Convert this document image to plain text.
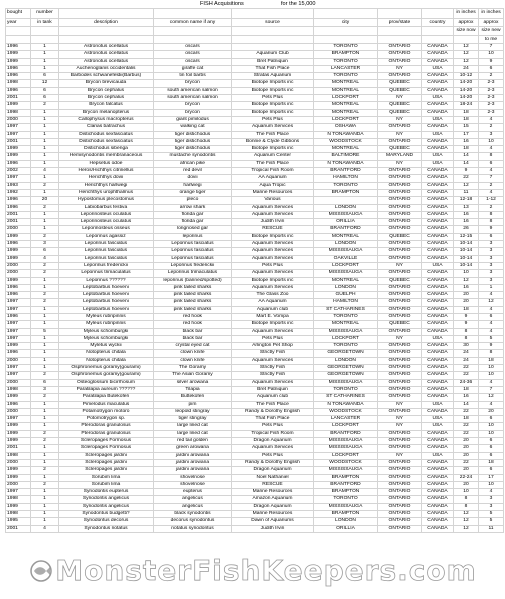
FISH Acquisitions	for the 15,000
bought	number							in inches	in inches
year	in tank	description	common name if any	source	city	prov/state	country	approx	approx
								size now	size new
									to me
1996	1	Astronotus ocellatus	oscars		TORONTO	ONTARIO	CANADA	12	7
1999	1	Astronotus ocellatus	oscars	Aquarium Club	BRAMPTON	ONTARIO	CANADA	12	10
1999	1	Astronotus ocellatus	oscars	Bret Patniquin	TORONTO	ONTARIO	CANADA	12	9
1996	1	Auchenoglanis occidentalis	giraffe cat	That Fish Place	LANCASTER	NY	USA	24	6
1996	6	Barbodes schwanefeldii(Barbus)	tin foil barbs	Stratas Aquarium	TORONTO	ONTARIO	CANADA	10-12	2
1998	12	Brycon brevicauda	brycon	Biotope Imports inc	MONTREAL	QUEBEC	CANADA	14-20	2-3
1996	6	Brycon cephalus	south american salmon	Biotope Imports inc	MONTREAL	QUEBEC	CANADA	14-20	2-3
2001	6	Brycon cephalus	south american salmon	Pets Plus	LOCKPORT	NY	USA	14-20	2-3
1999	2	Brycon falcatus	brycon	Biotope Imports inc	MONTREAL	QUEBEC	CANADA	18-24	2-3
1998	1	Brycon melanopterus	brycon	Biotope Imports inc	MONTREAL	QUEBEC	CANADA	18	2-3
2000	1	Callophysus macropterus	giant pimilodus	Pets Plus	LOCKPORT	NY	USA	18	4
1997	1	Clarias batrachus	walking cat	Aquarium Services	OSHAWA	ONTARIO	CANADA	15	2
1997	1	Distichodus sexfasciatus	tiger distichodus	The Fish Place	N TONAWANDA	NY	USA	17	3
2001	1	Distichodus sexfasciatus	tiger distichodus	Bonnie & Clyde Gibbons	WOODSTOCK	ONTARIO	CANADA	16	10
1999	1	Distichodus sibenga	tiger distichodus	Biotope Imports inc	MONTREAL	QUEBEC	CANADA	18	4
1999	1	Hemisynodontis membranaceous	mustache synodontis	Aquarium Center	BALTIMORE	MARYLAND	USA	14	8
1996	1	Hepsetus odoe	african pike	The Fish Place	N TONAWANDA	NY	USA	14	6
2002	4	Heros/Hichthys citrinellus	red devil	Tropical Fish Room	BRANTFORD	ONTARIO	CANADA	9	4
1997	1	Herichthys dovii	dovii	AA Aquarium	HAMILTON	ONTARIO	CANADA	22	7
1993	2	Herichthys harlwegi	harlwegi	Aqua Tropic	TORONTO	ONTARIO	CANADA	12	2
1992	1	Herichthys urophthalmus	orange tiger	Marine Resources	BRAMPTON	ONTARIO	CANADA	11	4
1996	20	Hypostomus plecostomus	pleco	Various		ONTARIO	CANADA	12-18	1-12
1996	2	Labiobarbus festiva	arrow shark	Aquarium Services	LONDON	ONTARIO	CANADA	13	2
2001	1	Leporinosteus oculatus	florida gar	Aquarium Services	MISSISSAUGA	ONTARIO	CANADA	16	8
2001	1	Leporinosteus oculatus	florida gar	Judith Irvin	ORILLIA	ONTARIO	CANADA	16	8
2000	1	Leporinosteus osseus	longnosed gar	RESCUE	BRANTFORD	ONTARIO	CANADA	26	9
1999	2	Leporinus agassiz	leporinus	Biotope Imports inc	MONTREAL	QUEBEC	CANADA	12-15	6
1996	3	Leporinus fasciatus	Leporinus fasciatus	Aquarium Services	LONDON	ONTARIO	CANADA	10-14	3
1999	6	Leporinus fasciatus	Leporinus fasciatus	Aquarium Services	MISSISSAUGA	ONTARIO	CANADA	10-14	3
1999	4	Leporinus fasciatus	Leporinus fasciatus	Aquarium Services	OAKVILLE	ONTARIO	CANADA	10-14	3
2000	2	Leporinus frederickii	Leporinus frederickii	Pets Plus	LOCKPORT	NY	USA	10-14	3
2000	2	Leporinus trimaculatus	Leporinus trimaculatus	Aquarium Services	MISSISSAUGA	ONTARIO	CANADA	10	3
1999	1	Leporinus ??????	leporinus (banned/spotted)	Biotope Imports inc	MONTREAL	QUEBEC	CANADA	12	3
1996	1	Leptobarbus hoeveni	pink tailed sharks	Aquarium Services	LONDON	ONTARIO	CANADA	16	1
1996	2	Leptobarbus hoeveni	pink tailed sharks	The Glass Zoo	GUELPH	ONTARIO	CANADA	20	4
1997	2	Leptobarbus hoeveni	pink tailed sharks	AA Aquarium	HAMILTON	ONTARIO	CANADA	20	12
1997	1	Leptobarbus hoeveni	pink tailed sharks	Aquarium club	ST CATHARINES	ONTARIO	CANADA	18	4
1996	1	Myleus rubripinnis	red hook	Mart E. Vompa	TORONTO	ONTARIO	CANADA	9	6
1997	1	Myleus rubripinnis	red hook	Biotope Imports inc	MONTREAL	QUEBEC	CANADA	9	4
1997	5	Myleus schomburgki	black bar	Aquarium Services	MISSISSAUGA	ONTARIO	CANADA	8	4
1997	1	Myleus schomburgki	black bar	Pets Plus	LOCKPORT	NY	USA	8	5
1999	1	Myletus wyckii	crystal eyed cat	Arlington Pet Shop	TORONTO	ONTARIO	CANADA	30	9
1996	1	Notopterus chitala	clown knife	Strictly Fish	GEORGETOWN	ONTARIO	CANADA	24	8
2000	1	Notopterus chitala	clown knife	Aquarium Services	LONDON	ONTARIO	CANADA	24	18
1997	1	Osphronemus goramy(gourami)	The Goramy	Strictly Fish	GEORGETOWN	ONTARIO	CANADA	22	10
1997	2	Osphronemus goramy(gourami)	The Asian Goramy	Strictly Fish	GEORGETOWN	ONTARIO	CANADA	22	10
2000	6	Osteoglossum bicirrhosum	silver arowana	Aquarium Services	MISSISSAUGA	ONTARIO	CANADA	24-36	4
1998	3	Paratilapia aureum ??????	Tilapia	Bret Patniquin	TORONTO	ONTARIO	CANADA	18	7
1999	2	Paratilapia Butekoferi	Buttekoferi	Aquarium club	ST CATHARINES	ONTARIO	CANADA	16	12
1996	1	Pimelodus maculatus	pim	The Fish Place	N TONAWANDA	NY	USA	14	4
2000	1	Potamotrygon motoro	leopold stingray	Randy & Dorothy English	WOODSTOCK	ONTARIO	CANADA	22	20
1997	1	Potomotrygon sp.	tiger stingray	That Fish Place	LANCASTER	NY	USA	18	6
1999	1	Pterodoras granulosus	large lined cat	Pets Plus	LOCKPORT	NY	USA	22	10
1999	2	Pterodoras granulosus	large lined cat	Tropical Fish Room	BRANTFORD	ONTARIO	CANADA	22	10
1999	2	Scleropages Formosus	red tail golden	Dragon Aquarium	MISSISSAUGA	ONTARIO	CANADA	20	6
2001	1	Scleropages Formosus	green arowana	Aquarium Services	MISSISSAUGA	ONTARIO	CANADA	20	6
1998	1	Scleropages jardini	jardini arowana	Pets Plus	LOCKPORT	NY	USA	20	6
2000	1	Scleropages jardini	jardini arowana	Randy & Dorothy English	WOODSTOCK	ONTARIO	CANADA	22	18
1999	2	Scleropages jardini	jardini arowana	Dragon Aquarium	MISSISSAUGA	ONTARIO	CANADA	20	6
1999	1	Sorubim lima	shovelnose	Noel Nathaniel	BRAMPTON	ONTARIO	CANADA	22-24	17
2000	2	Sorubim lima	shovelnose	RESCUE	BRANTFORD	ONTARIO	CANADA	20	10
1997	1	Synodontis eupterus	eupterus	Marine Resources	BRAMPTON	ONTARIO	CANADA	10	4
1998	1	Synodontis angelicus	angelicus	Amazon Aquarium	TORONTO	ONTARIO	CANADA	8	3
1999	1	Synodontis angelicus	angelicus	Dragon Aquarium	MISSISSAUGA	ONTARIO	CANADA	8	3
1998	1	Synodontus budgetti?	black synodontis	Marine Resources	BRAMPTON	ONTARIO	CANADA	12	5
1995	1	Synodontus decorus	decorus synodontus	Dawn of Aquariums	LONDON	ONTARIO	CANADA	12	5
2001	4	Synodontus notatus	notatus synodontus	Judith Irvin	ORILLIA	ONTARIO	CANADA	12	11
MonsterFishKeepers.com
